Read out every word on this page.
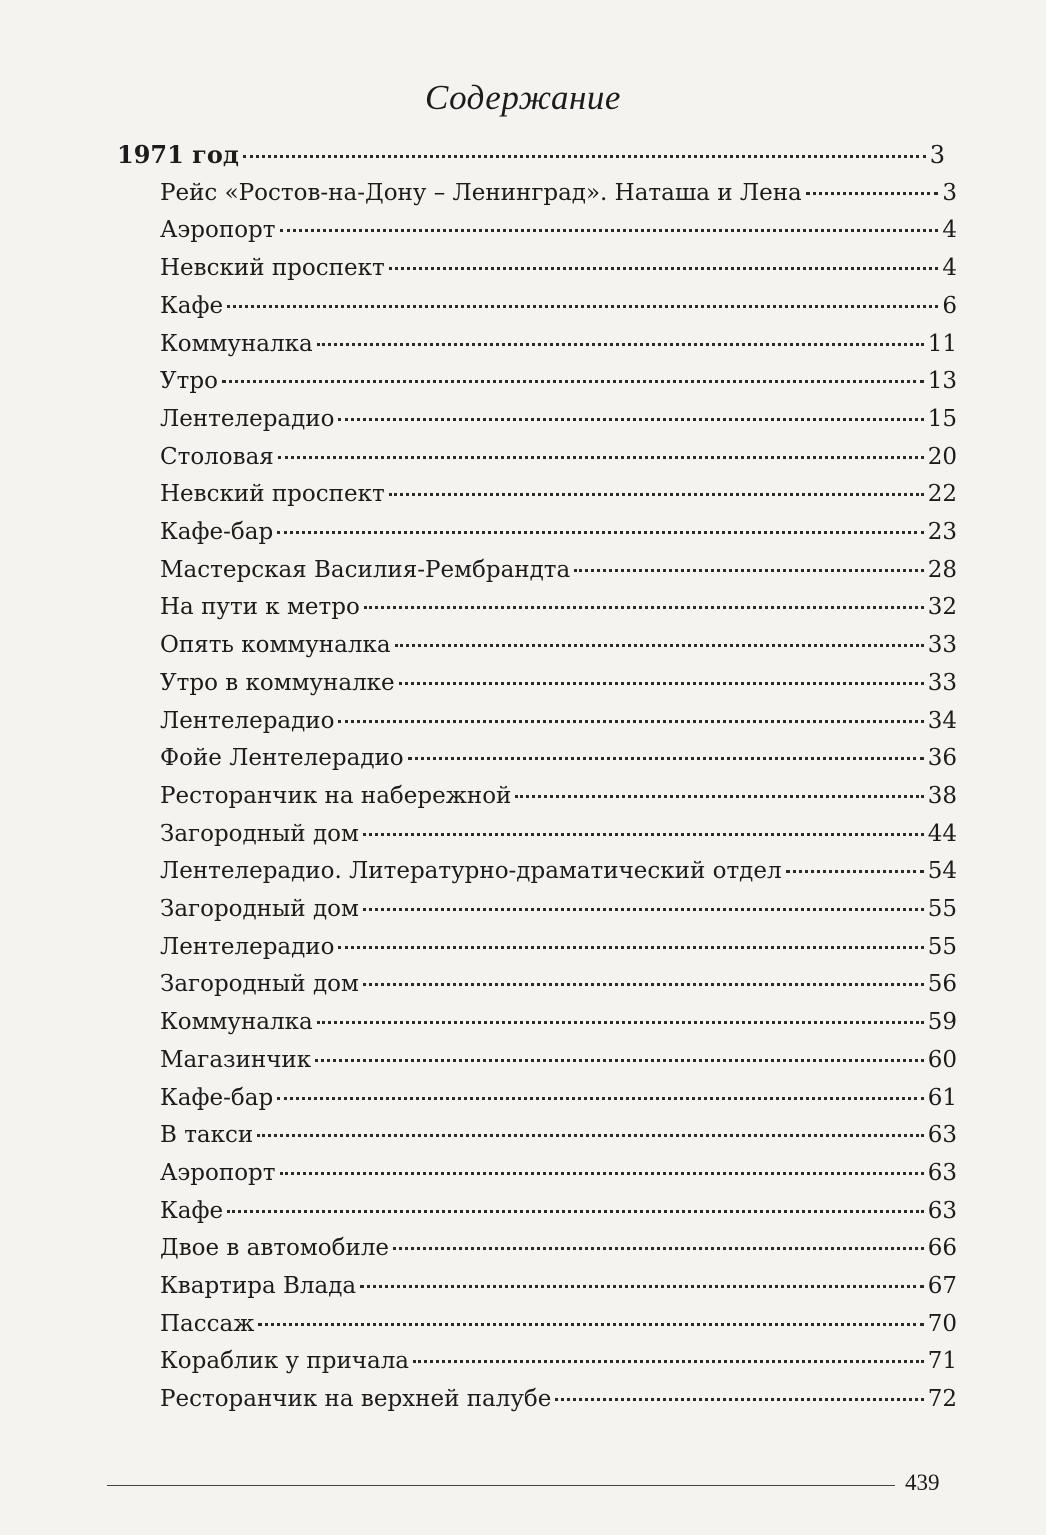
Содержание
1971 год	3
Рейс «Ростов-на-Дону – Ленинград». Наташа и Лена	3
Аэропорт	4
Невский проспект	4
Кафе	6
Коммуналка	11
Утро	13
Лентелерадио	15
Столовая	20
Невский проспект	22
Кафе-бар	23
Мастерская Василия-Рембрандта	28
На пути к метро	32
Опять коммуналка	33
Утро в коммуналке	33
Лентелерадио	34
Фойе Лентелерадио	36
Ресторанчик на набережной	38
Загородный дом	44
Лентелерадио. Литературно-драматический отдел	54
Загородный дом	55
Лентелерадио	55
Загородный дом	56
Коммуналка	59
Магазинчик	60
Кафе-бар	61
В такси	63
Аэропорт	63
Кафе	63
Двое в автомобиле	66
Квартира Влада	67
Пассаж	70
Кораблик у причала	71
Ресторанчик на верхней палубе	72
439
